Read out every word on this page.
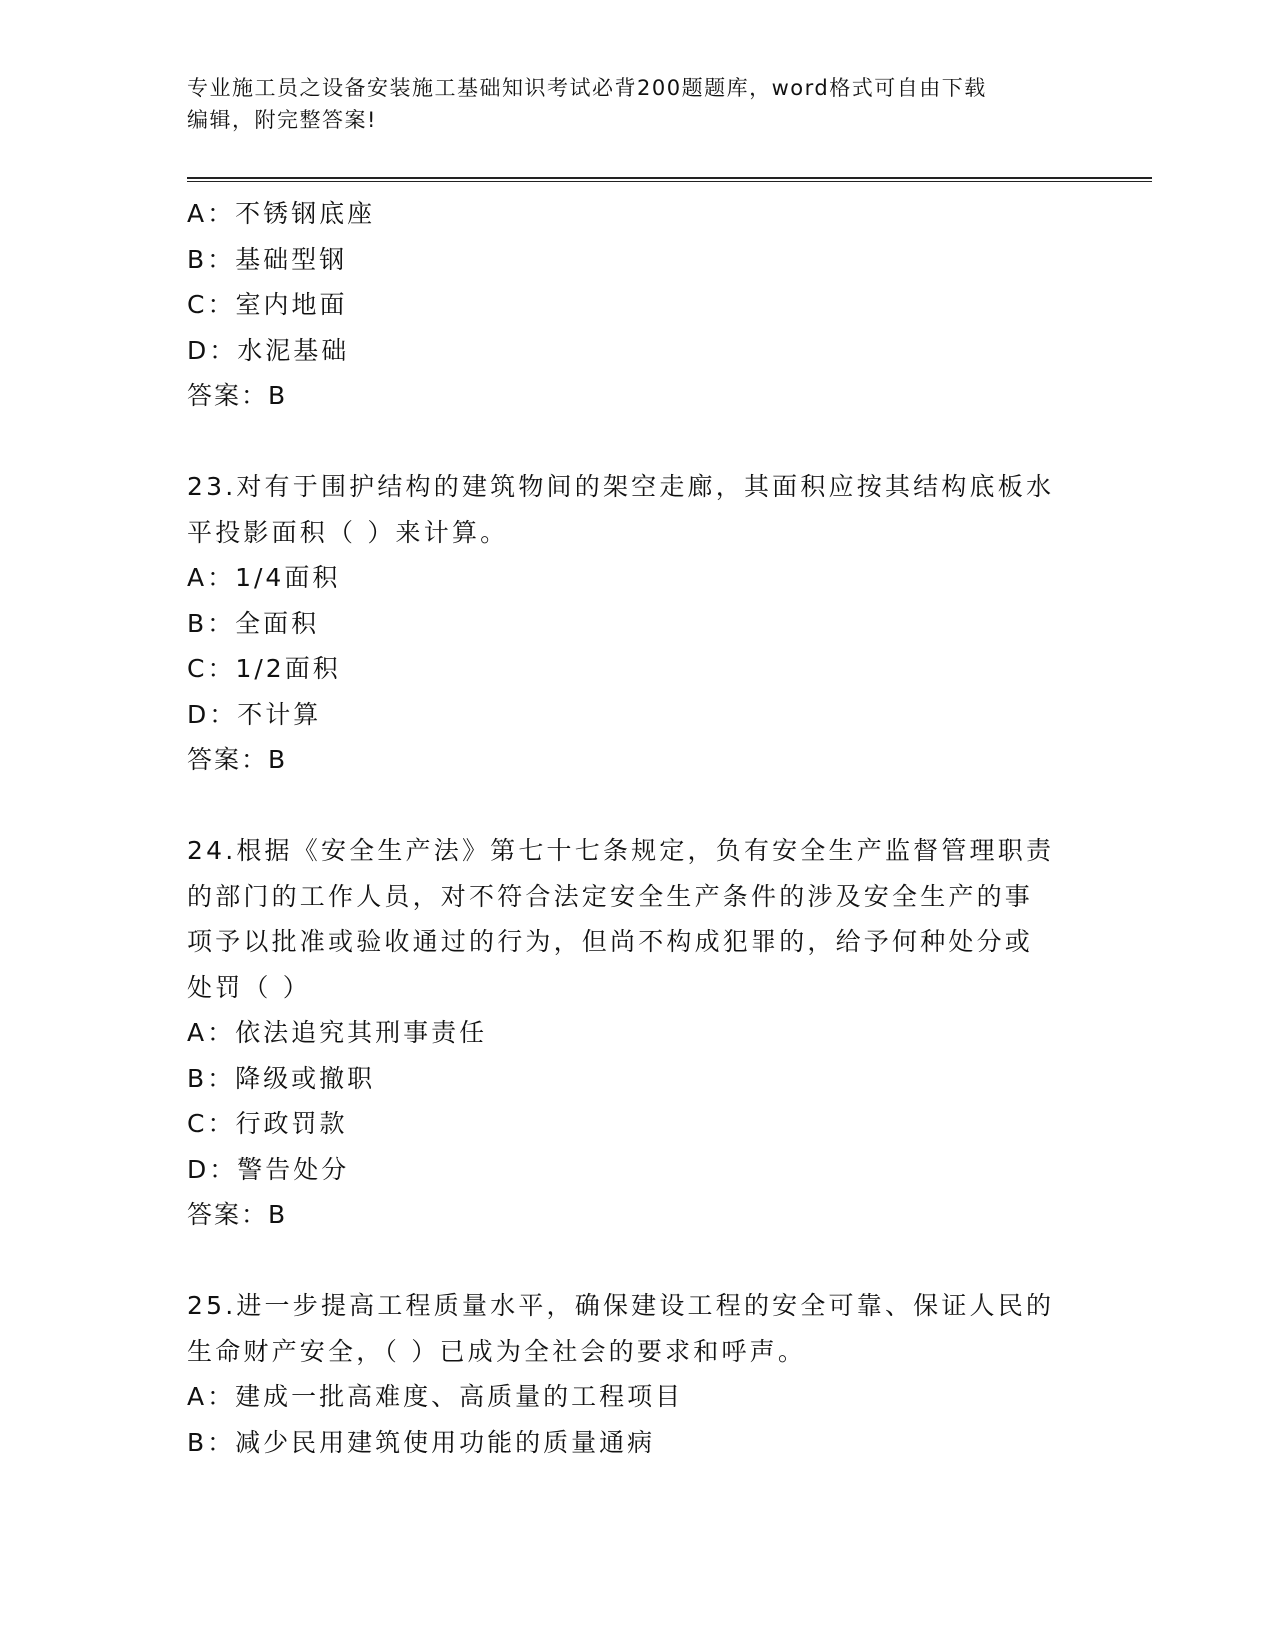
专业施工员之设备安装施工基础知识考试必背200题题库，word格式可自由下载
编辑，附完整答案!
A：不锈钢底座
B：基础型钢
C：室内地面
D：水泥基础
答案：B
23.对有于围护结构的建筑物间的架空走廊，其面积应按其结构底板水
平投影面积（ ）来计算。
A：1/4面积
B：全面积
C：1/2面积
D：不计算
答案：B
24.根据《安全生产法》第七十七条规定，负有安全生产监督管理职责
的部门的工作人员，对不符合法定安全生产条件的涉及安全生产的事
项予以批准或验收通过的行为，但尚不构成犯罪的，给予何种处分或
处罚（ ）
A：依法追究其刑事责任
B：降级或撤职
C：行政罚款
D：警告处分
答案：B
25.进一步提高工程质量水平，确保建设工程的安全可靠、保证人民的
生命财产安全，（ ）已成为全社会的要求和呼声。
A：建成一批高难度、高质量的工程项目
B：减少民用建筑使用功能的质量通病
